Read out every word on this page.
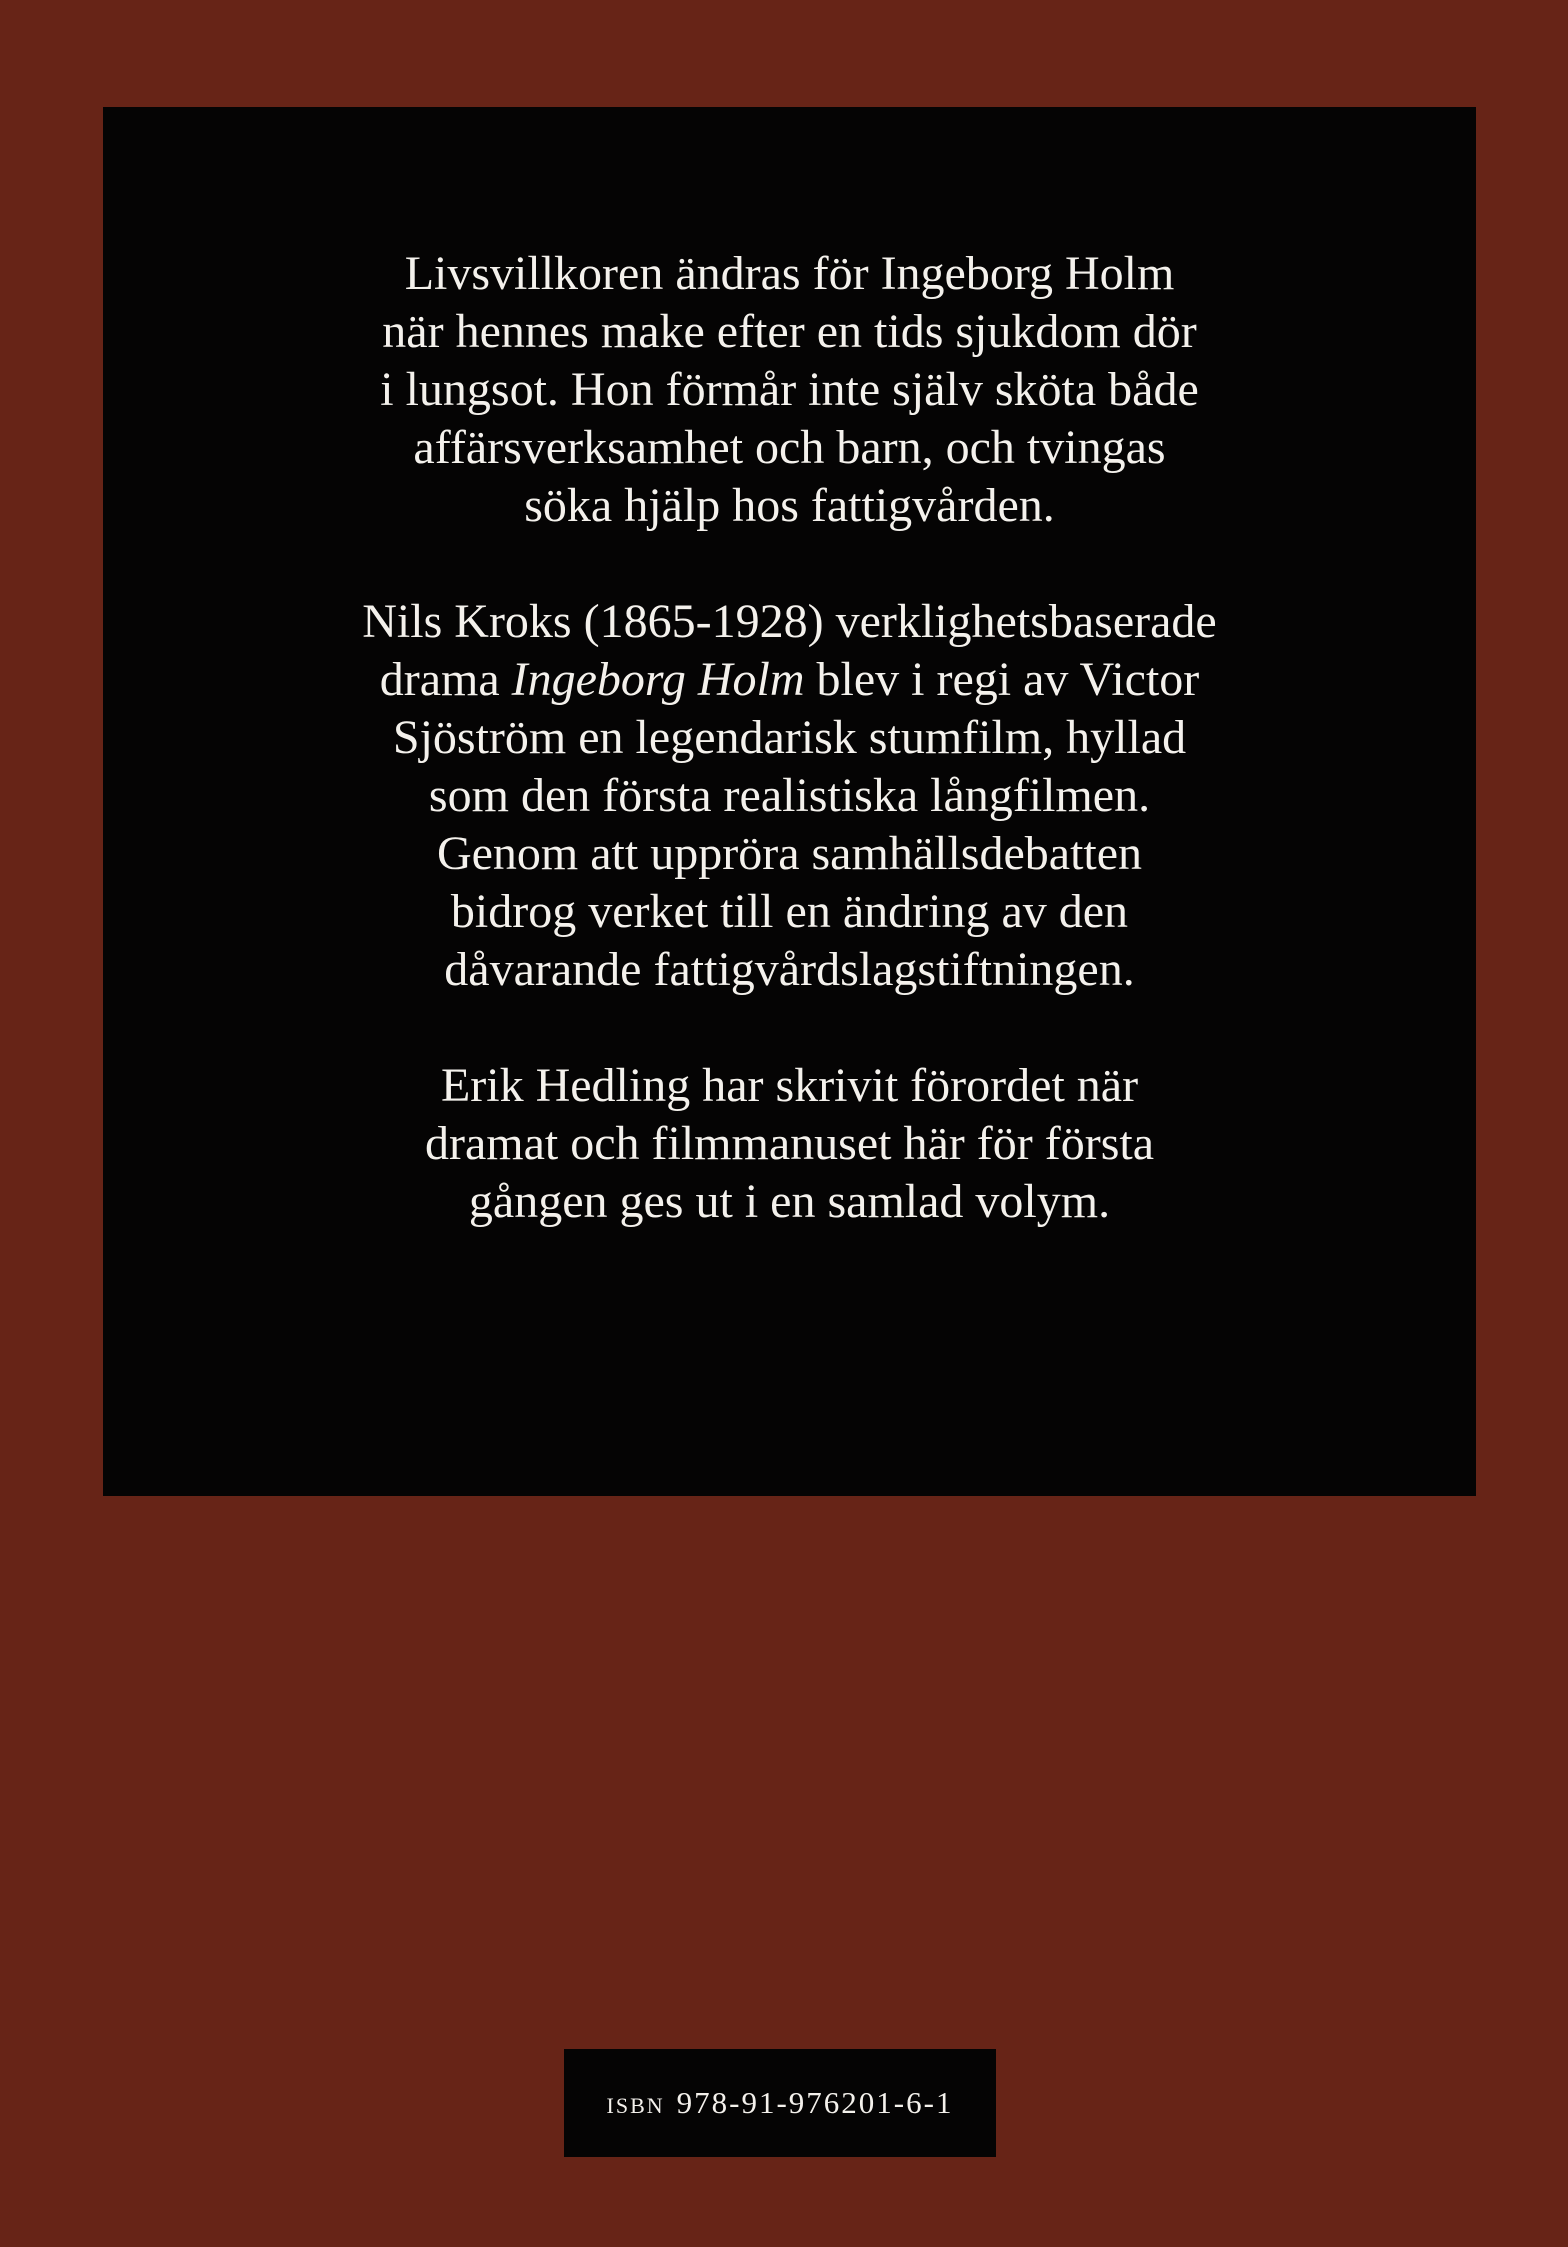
Livsvillkoren ändras för Ingeborg Holm
när hennes make efter en tids sjukdom dör
i lungsot. Hon förmår inte själv sköta både
affärsverksamhet och barn, och tvingas
söka hjälp hos fattigvården.

Nils Kroks (1865-1928) verklighetsbaserade
drama Ingeborg Holm blev i regi av Victor
Sjöström en legendarisk stumfilm, hyllad
som den första realistiska långfilmen.
Genom att uppröra samhällsdebatten
bidrog verket till en ändring av den
dåvarande fattigvårdslagstiftningen.

Erik Hedling har skrivit förordet när
dramat och filmmanuset här för första
gången ges ut i en samlad volym.

isbn 978-91-976201-6-1
